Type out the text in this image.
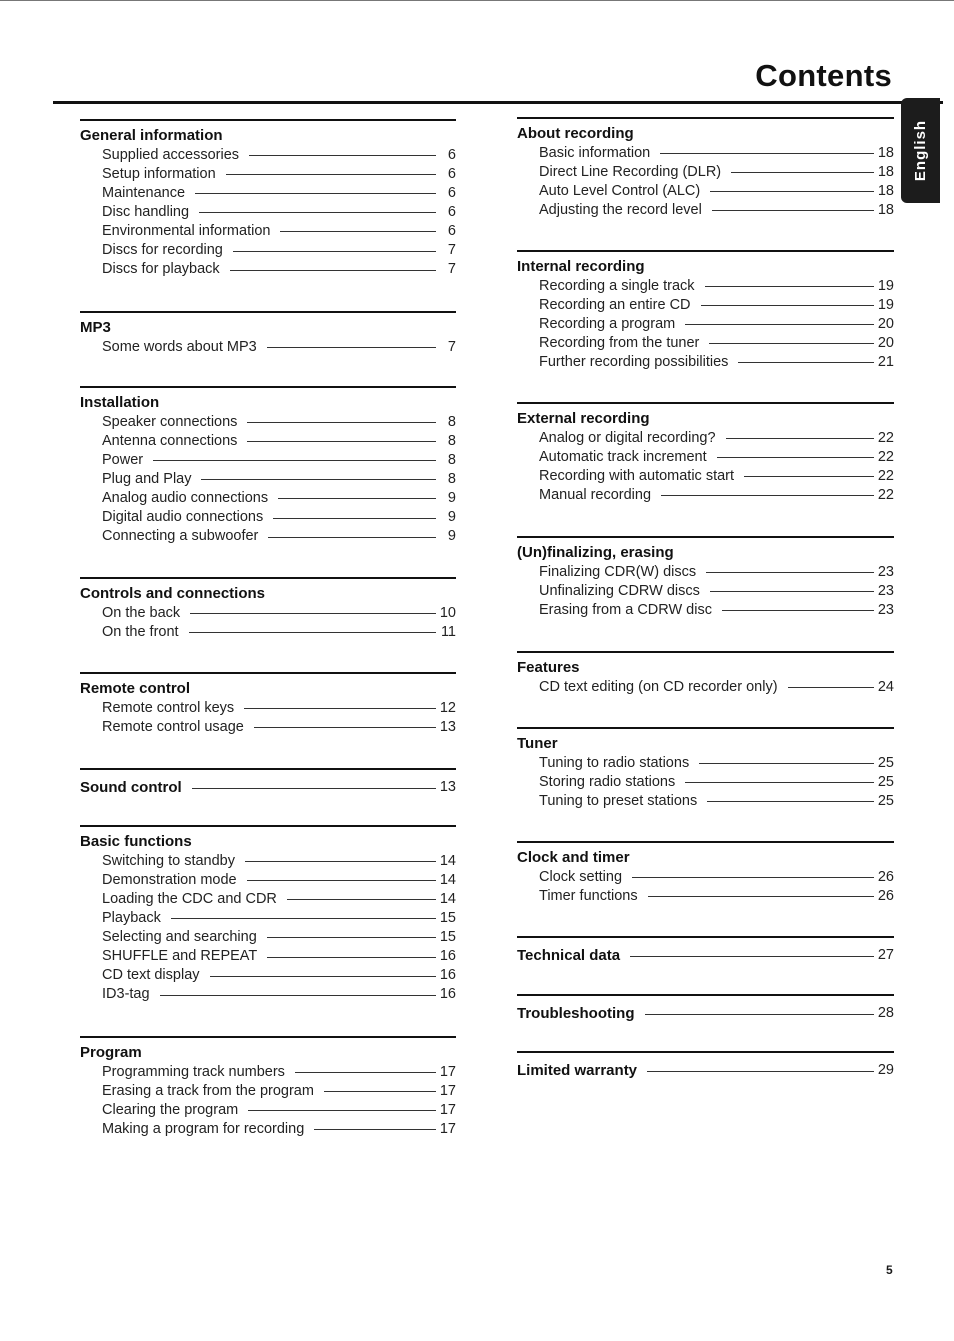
Contents
English
General information
Supplied accessories	6
Setup information	6
Maintenance	6
Disc handling	6
Environmental information	6
Discs for recording	7
Discs for playback	7
MP3
Some words about MP3	7
Installation
Speaker connections	8
Antenna connections	8
Power	8
Plug and Play	8
Analog audio connections	9
Digital audio connections	9
Connecting a subwoofer	9
Controls and connections
On the back	10
On the front	11
Remote control
Remote control keys	12
Remote control usage	13
Sound control	13
Basic functions
Switching to standby	14
Demonstration mode	14
Loading the CDC and CDR	14
Playback	15
Selecting and searching	15
SHUFFLE and REPEAT	16
CD text display	16
ID3-tag	16
Program
Programming track numbers	17
Erasing a track from the program	17
Clearing the program	17
Making a program for recording	17
About recording
Basic information	18
Direct Line Recording (DLR)	18
Auto Level Control (ALC)	18
Adjusting the record level	18
Internal recording
Recording a single track	19
Recording an entire CD	19
Recording a program	20
Recording from the tuner	20
Further recording possibilities	21
External recording
Analog or digital recording?	22
Automatic track increment	22
Recording with automatic start	22
Manual recording	22
(Un)finalizing, erasing
Finalizing CDR(W) discs	23
Unfinalizing CDRW discs	23
Erasing from a CDRW disc	23
Features
CD text editing (on CD recorder only)	24
Tuner
Tuning to radio stations	25
Storing radio stations	25
Tuning to preset stations	25
Clock and timer
Clock setting	26
Timer functions	26
Technical data	27
Troubleshooting	28
Limited warranty	29
5
